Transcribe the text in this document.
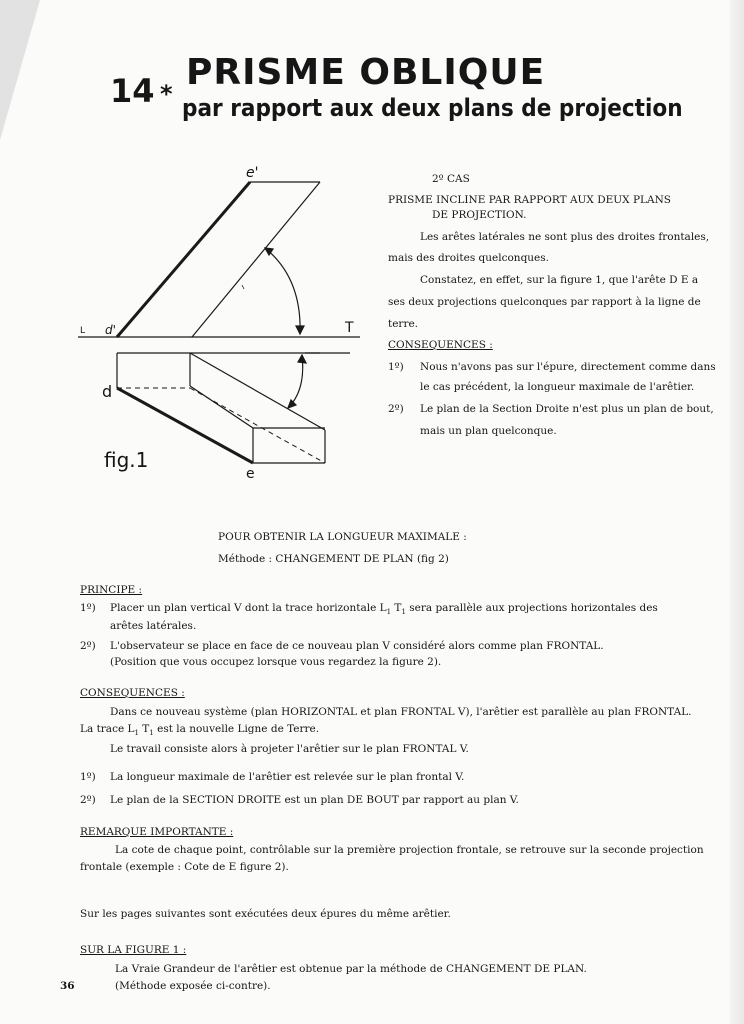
14 *
PRISME OBLIQUE
par rapport aux deux plans de projection
e'
d'
L	T
d
e
fig.1
2º CAS
PRISME INCLINE PAR RAPPORT AUX DEUX PLANS
DE PROJECTION.
Les arêtes latérales ne sont plus des droites frontales,
mais des droites quelconques.
Constatez, en effet, sur la figure 1, que l'arête D E a
ses deux projections quelconques par rapport à la ligne de
terre.
CONSEQUENCES :
1º) Nous n'avons pas sur l'épure, directement comme dans
le cas précédent, la longueur maximale de l'arêtier.
2º) Le plan de la Section Droite n'est plus un plan de bout,
mais un plan quelconque.
POUR OBTENIR LA LONGUEUR MAXIMALE :
Méthode : CHANGEMENT DE PLAN (fig 2)
PRINCIPE :
1º) Placer un plan vertical V dont la trace horizontale $L_1$ $T_1$ sera parallèle aux projections horizontales des
arêtes latérales.
2º) L'observateur se place en face de ce nouveau plan V considéré alors comme plan FRONTAL.
(Position que vous occupez lorsque vous regardez la figure 2).
CONSEQUENCES :
Dans ce nouveau système (plan HORIZONTAL et plan FRONTAL V), l'arêtier est parallèle au plan FRONTAL.
La trace $L_1$ $T_1$ est la nouvelle Ligne de Terre.
Le travail consiste alors à projeter l'arêtier sur le plan FRONTAL V.
1º) La longueur maximale de l'arêtier est relevée sur le plan frontal V.
2º) Le plan de la SECTION DROITE est un plan DE BOUT par rapport au plan V.
REMARQUE IMPORTANTE :
La cote de chaque point, contrôlable sur la première projection frontale, se retrouve sur la seconde projection
frontale (exemple : Cote de E figure 2).
Sur les pages suivantes sont exécutées deux épures du même arêtier.
SUR LA FIGURE 1 :
La Vraie Grandeur de l'arêtier est obtenue par la méthode de CHANGEMENT DE PLAN.
36	(Méthode exposée ci-contre).
